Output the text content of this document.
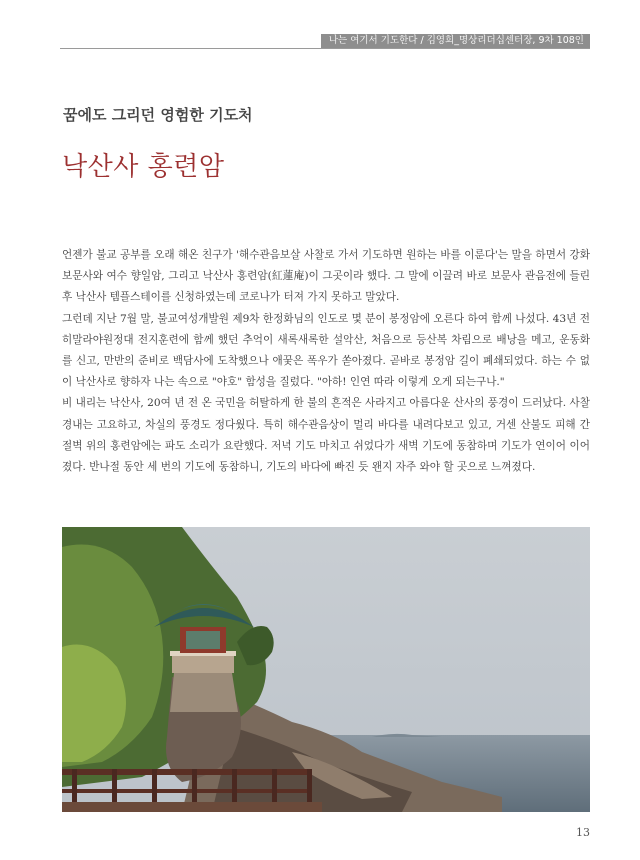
나는 여기서 기도한다 / 김영희_명상리더십센터장, 9차 108인
꿈에도 그리던 영험한 기도처
낙산사 홍련암

언젠가 불교 공부를 오래 해온 친구가 '해수관음보살 사찰로 가서 기도하면 원하는 바를 이룬다'는 말을 하면서 강화 보문사와 여수 향일암, 그리고 낙산사 홍련암(紅蓮庵)이 그곳이라 했다. 그 말에 이끌려 바로 보문사 관음전에 들린 후 낙산사 템플스테이를 신청하였는데 코로나가 터져 가지 못하고 말았다.

그런데 지난 7월 말, 불교여성개발원 제9차 한정화님의 인도로 몇 분이 봉정암에 오른다 하여 함께 나섰다. 43년 전 히말라야원정대 전지훈련에 함께 했던 추억이 새록새록한 설악산, 처음으로 등산복 차림으로 배낭을 메고, 운동화를 신고, 만반의 준비로 백담사에 도착했으나 애꿎은 폭우가 쏟아졌다. 곧바로 봉정암 길이 폐쇄되었다. 하는 수 없이 낙산사로 향하자 나는 속으로 "야호" 함성을 질렀다. "아하! 인연 따라 이렇게 오게 되는구나."

비 내리는 낙산사, 20여 년 전 온 국민을 허탈하게 한 불의 흔적은 사라지고 아름다운 산사의 풍경이 드러났다. 사찰 경내는 고요하고, 차실의 풍경도 정다웠다. 특히 해수관음상이 멀리 바다를 내려다보고 있고, 거센 산불도 피해 간 절벽 위의 홍련암에는 파도 소리가 요란했다. 저녁 기도 마치고 쉬었다가 새벽 기도에 동참하며 기도가 연이어 이어졌다. 반나절 동안 세 번의 기도에 동참하니, 기도의 바다에 빠진 듯 왠지 자주 와야 할 곳으로 느껴졌다.

13
